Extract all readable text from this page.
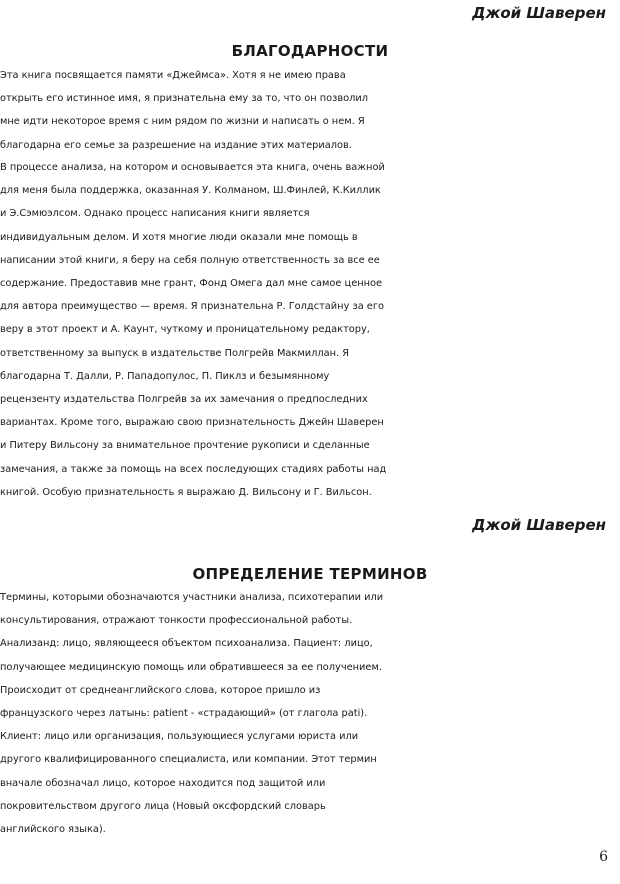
Джой Шаверен
БЛАГОДАРНОСТИ
Эта книга посвящается памяти «Джеймса». Хотя я не имею права
открыть его истинное имя, я признательна ему за то, что он позволил
мне идти некоторое время с ним рядом по жизни и написать о нем. Я
благодарна его семье за разрешение на издание этих материалов.
В процессе анализа, на котором и основывается эта книга, очень важной
для меня была поддержка, оказанная У. Колманом, Ш.Финлей, К.Киллик
и Э.Сэмюэлсом. Однако процесс написания книги является
индивидуальным делом. И хотя многие люди оказали мне помощь в
написании этой книги, я беру на себя полную ответственность за все ее
содержание. Предоставив мне грант, Фонд Омега дал мне самое ценное
для автора преимущество — время. Я признательна Р. Голдстайну за его
веру в этот проект и А. Каунт, чуткому и проницательному редактору,
ответственному за выпуск в издательстве Полгрейв Макмиллан. Я
благодарна Т. Далли, Р. Пападопулос, П. Пиклз и безымянному
рецензенту издательства Полгрейв за их замечания о предпоследних
вариантах. Кроме того, выражаю свою признательность Джейн Шаверен
и Питеру Вильсону за внимательное прочтение рукописи и сделанные
замечания, а также за помощь на всех последующих стадиях работы над
книгой. Особую признательность я выражаю Д. Вильсону и Г. Вильсон.
Джой Шаверен
ОПРЕДЕЛЕНИЕ ТЕРМИНОВ
Термины, которыми обозначаются участники анализа, психотерапии или
консультирования, отражают тонкости профессиональной работы.
Анализанд: лицо, являющееся объектом психоанализа. Пациент: лицо,
получающее медицинскую помощь или обратившееся за ее получением.
Происходит от среднеанглийского слова, которое пришло из
французского через латынь: patient - «страдающий» (от глагола pati).
Клиент: лицо или организация, пользующиеся услугами юриста или
другого квалифицированного специалиста, или компании. Этот термин
вначале обозначал лицо, которое находится под защитой или
покровительством другого лица (Новый оксфордский словарь
английского языка).
6
